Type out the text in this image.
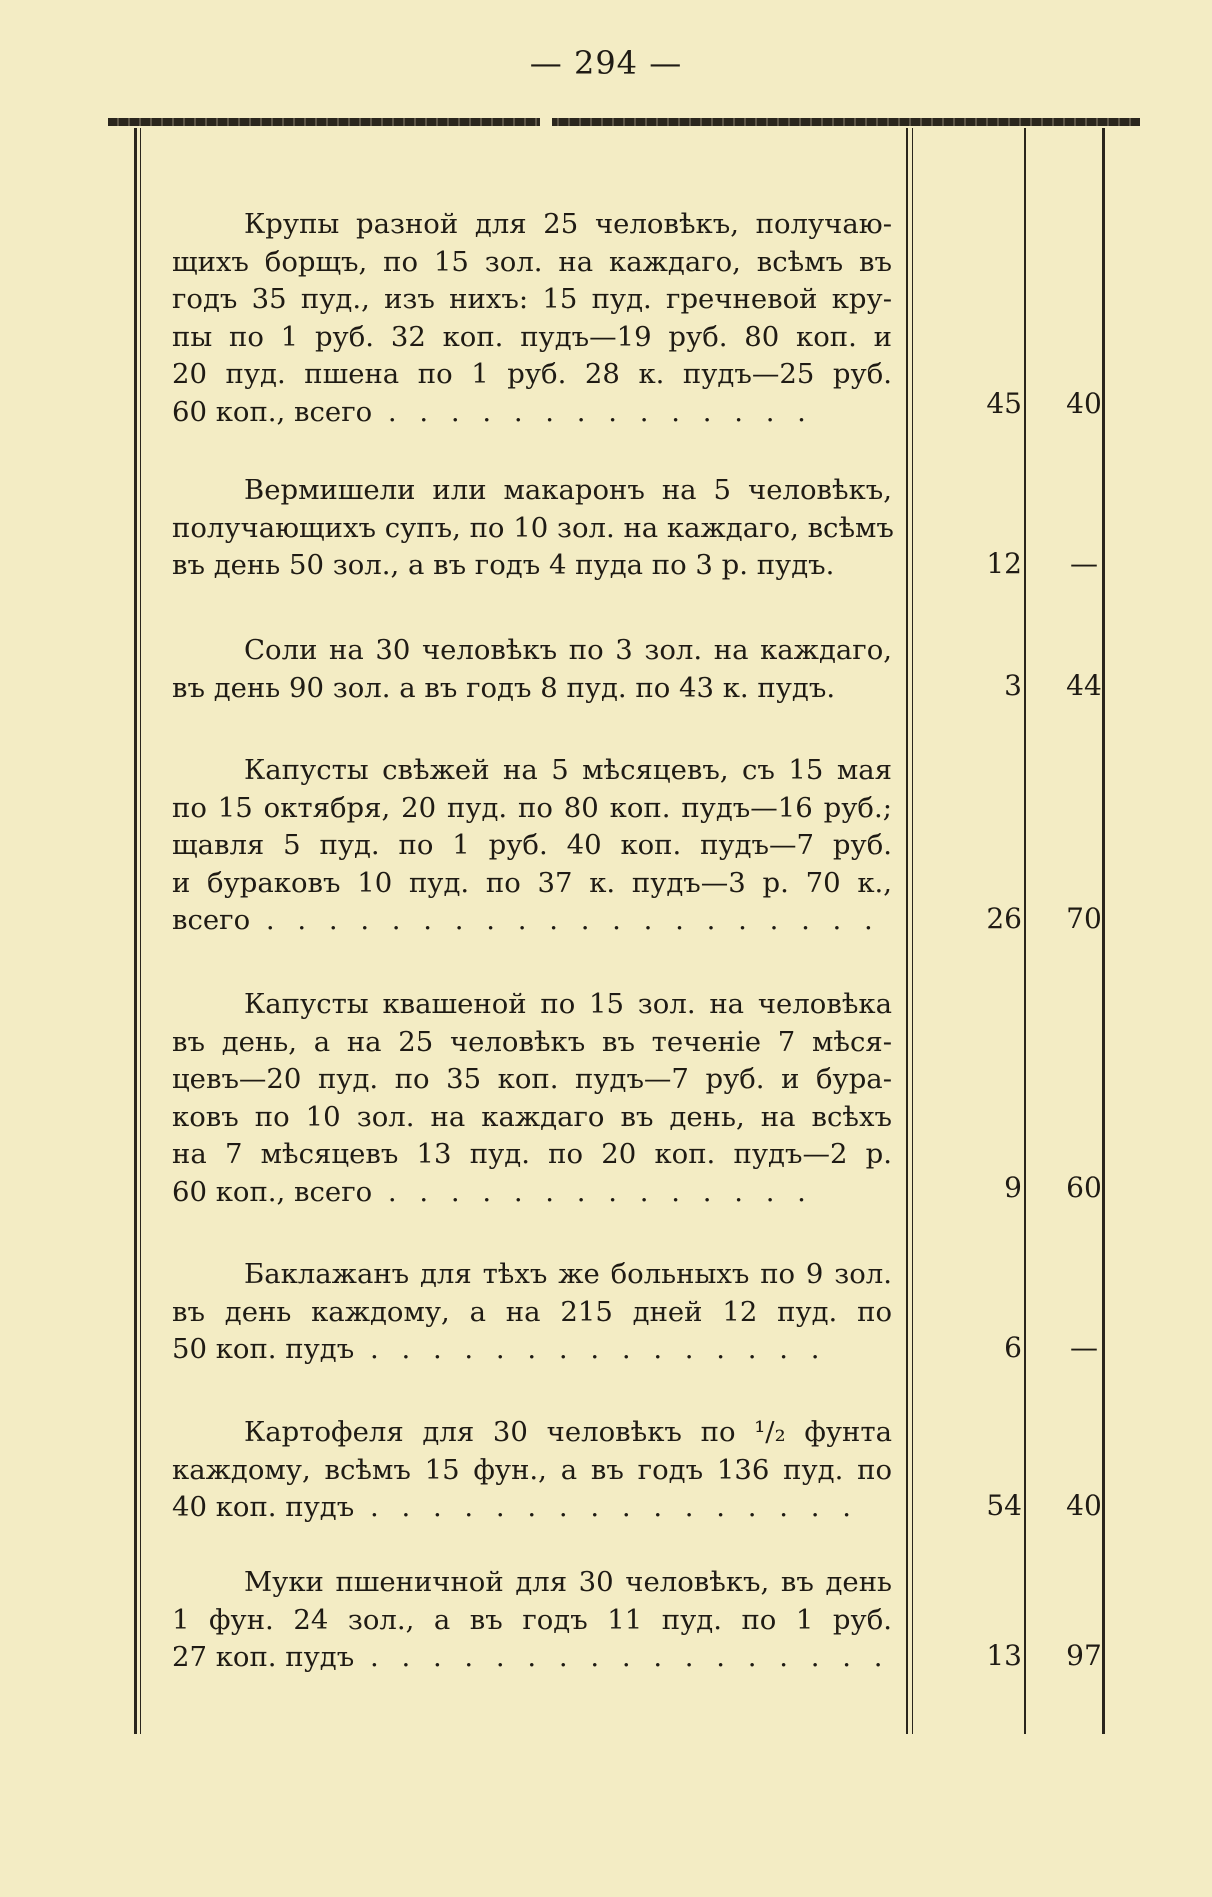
— 294 —
Крупы разной для 25 человѣкъ, получаю-
щихъ борщъ, по 15 зол. на каждаго, всѣмъ въ
годъ 35 пуд., изъ нихъ: 15 пуд. гречневой кру-
пы по 1 руб. 32 коп. пудъ—19 руб. 80 коп. и
20 пуд. пшена по 1 руб. 28 к. пудъ—25 руб.
60 коп., всего . . . . . . . . . . . . . .	45	40
Вермишели или макаронъ на 5 человѣкъ,
получающихъ супъ, по 10 зол. на каждаго, всѣмъ
въ день 50 зол., а въ годъ 4 пуда по 3 р. пудъ.	12	—
Соли на 30 человѣкъ по 3 зол. на каждаго,
въ день 90 зол. а въ годъ 8 пуд. по 43 к. пудъ.	3	44
Капусты свѣжей на 5 мѣсяцевъ, съ 15 мая
по 15 октября, 20 пуд. по 80 коп. пудъ—16 руб.;
щавля 5 пуд. по 1 руб. 40 коп. пудъ—7 руб.
и бураковъ 10 пуд. по 37 к. пудъ—3 р. 70 к.,
всего . . . . . . . . . . . . . . . . . . . .	26	70
Капусты квашеной по 15 зол. на человѣка
въ день, а на 25 человѣкъ въ теченіе 7 мѣся-
цевъ—20 пуд. по 35 коп. пудъ—7 руб. и бура-
ковъ по 10 зол. на каждаго въ день, на всѣхъ
на 7 мѣсяцевъ 13 пуд. по 20 коп. пудъ—2 р.
60 коп., всего . . . . . . . . . . . . . .	9	60
Баклажанъ для тѣхъ же больныхъ по 9 зол.
въ день каждому, а на 215 дней 12 пуд. по
50 коп. пудъ . . . . . . . . . . . . . . .	6	—
Картофеля для 30 человѣкъ по ¹/₂ фунта
каждому, всѣмъ 15 фун., а въ годъ 136 пуд. по
40 коп. пудъ . . . . . . . . . . . . . . . .	54	40
Муки пшеничной для 30 человѣкъ, въ день
1 фун. 24 зол., а въ годъ 11 пуд. по 1 руб.
27 коп. пудъ . . . . . . . . . . . . . . . . .	13	97
